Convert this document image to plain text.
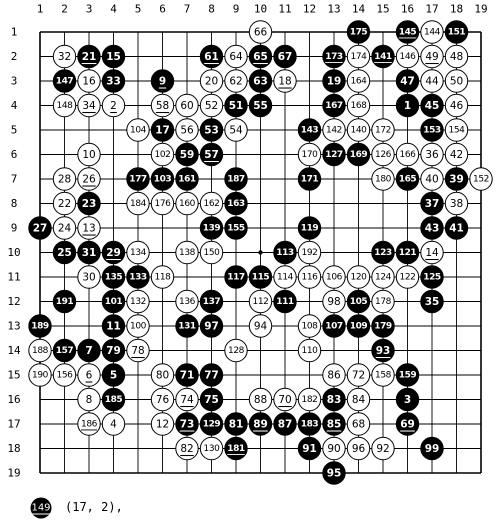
1 2 3 4 5 6 7 8 9 10 11 12 13 14 15 16 17 18 19
1
2
3
4
5
6
7
8
9
10
11
12
13
14
15
16
17
18
19
66	175	145 144 151
32 21 15	61 64 65 67	173 174 141 146 49 48
147 16 33	9	20 62 63 18	19 164	47 44 50
148 34 2	58 60 52 51 55	167 168	1 45 46
104 17 56 53 54	143 142 140 172	153 154
10	102 59 57	170 127 169 126 166 36 42
28 26	177 103 161	187	171	180 165 40 39 152
22 23	184 176 160 162 163	37 38
27 24 13	139 155	119	43 41
25 31 29 134	138 150	113 192	123 121 14
30 135 133 118	117 115 114 116 106 120 124 122 125
191	101 132	136 137	112 111	98 105 178	35
189	11 100	131 97	94	108 107 109 179
188 157 7 79 78	128	110	93
190 156 6 5	80 71 77	86 72 158 159
8 185	76 74 75	88 70 182 83 84	3
186 4	12 73 129 81 89 87 183 85 68	69
82 130 181	91 90 96 92	99
95
149 (17, 2),
